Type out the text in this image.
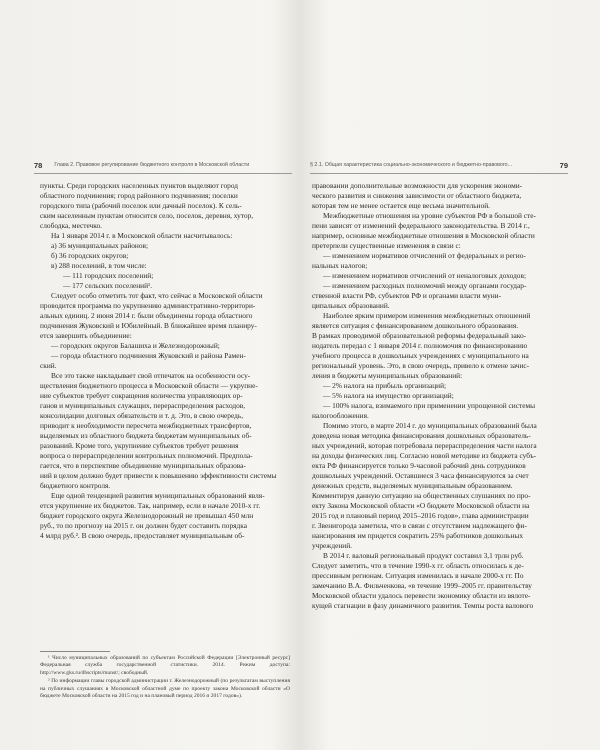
78 Глава 2. Правовое регулирование бюджетного контроля в Московской области

пункты. Среди городских населенных пунктов выделяют город

областного подчинения; город районного подчинения; поселки

городского типа (рабочий поселок или дачный поселок). К сель-

ским населенным пунктам относится село, поселок, деревня, хутор,

слободка, местечко.

На 1 января 2014 г. в Московской области насчитывалось:

а) 36 муниципальных районов;

б) 36 городских округов;

в) 288 поселений, в том числе:

— 111 городских поселений;

— 177 сельских поселений¹.

Следует особо отметить тот факт, что сейчас в Московской области

проводится программа по укрупнению административно-территори-

альных единиц. 2 июня 2014 г. были объединены города областного

подчинения Жуковский и Юбилейный. В ближайшее время планиру-

ется завершить объединение:

— городских округов Балашиха и Железнодорожный;

— города областного подчинения Жуковский и района Рамен-

ский.

Все это также накладывает свой отпечаток на особенности осу-

ществления бюджетного процесса в Московской области — укрупне-

ние субъектов требует сокращения количества управляющих ор-

ганов и муниципальных служащих, перераспределения расходов,

консолидации долговых обязательств и т. д. Это, в свою очередь,

приводит к необходимости пересчета межбюджетных трансфертов,

выделяемых из областного бюджета бюджетам муниципальных об-

разований. Кроме того, укрупнение субъектов требует решения

вопроса о перераспределении контрольных полномочий. Предпола-

гается, что в перспективе объединение муниципальных образова-

ний в целом должно будет привести к повышению эффективности системы

бюджетного контроля.

Еще одной тенденцией развития муниципальных образований явля-

ется укрупнение их бюджетов. Так, например, если в начале 2010-х гг.

бюджет городского округа Железнодорожный не превышал 450 млн

руб., то по прогнозу на 2015 г. он должен будет составить порядка

4 млрд руб.². В свою очередь, предоставляет муниципальным об-

¹ Число муниципальных образований по субъектам Российской Федерации [Электронный ресурс] Федеральная служба государственной статистики. 2014. Режим доступа: http://www.gks.ru/dbscripts/munst/; свободный.

² По информации главы городской администрации г. Железнодорожный (по результатам выступления на публичных слушаниях в Московской областной думе по проекту закона Московской области «О бюджете Московской области на 2015 год и на плановый период 2016 и 2017 годов»).

§ 2.1. Общая характеристика социально-экономического и бюджетно-правового...	79

правовании дополнительные возможности для ускорения экономи-

ческого развития и снижения зависимости от областного бюджета,

которая тем не менее остается еще весьма значительной.

Межбюджетные отношения на уровне субъектов РФ в большой сте-

пени зависят от изменений федерального законодательства. В 2014 г.,

например, основные межбюджетные отношения в Московской области

претерпели существенные изменения в связи с:

— изменением нормативов отчислений от федеральных и регио-

нальных налогов;

— изменением нормативов отчислений от неналоговых доходов;

— изменением расходных полномочий между органами государ-

ственной власти РФ, субъектов РФ и органами власти муни-

ципальных образований.

Наиболее ярким примером изменения межбюджетных отношений

является ситуация с финансированием дошкольного образования.

В рамках проводимой образовательной реформы федеральный зако-

нодатель передал с 1 января 2014 г. полномочия по финансированию

учебного процесса в дошкольных учреждениях с муниципального на

региональный уровень. Это, в свою очередь, привело к отмене зачис-

ления в бюджеты муниципальных образований:

— 2% налога на прибыль организаций;

— 5% налога на имущество организаций;

— 100% налога, взимаемого при применении упрощенной системы

налогообложения.

Помимо этого, в марте 2014 г. до муниципальных образований была

доведена новая методика финансирования дошкольных образователь-

ных учреждений, которая потребовала перераспределения части налога

на доходы физических лиц. Согласно новой методике из бюджета субъ-

екта РФ финансируется только 9-часовой рабочий день сотрудников

дошкольных учреждений. Оставшиеся 3 часа финансируются за счет

денежных средств, выделяемых муниципальным образованием.

Комментируя данную ситуацию на общественных слушаниях по про-

екту Закона Московской области «О бюджете Московской области на

2015 год и плановый период 2015–2016 годов», глава администрации

г. Звенигорода заметила, что в связи с отсутствием надлежащего фи-

нансирования им придется сократить 25% работников дошкольных

учреждений.

В 2014 г. валовый региональный продукт составил 3,1 трлн руб.

Следует заметить, что в течение 1990-х гг. область относилась к де-

прессивным регионам. Ситуация изменилась в начале 2000-х гг. По

замечанию В.А. Фильченкова, «в течение 1999–2005 гг. правительству

Московской области удалось перевести экономику области из вялоте-

кущей стагнации в фазу динамичного развития. Темпы роста валового
